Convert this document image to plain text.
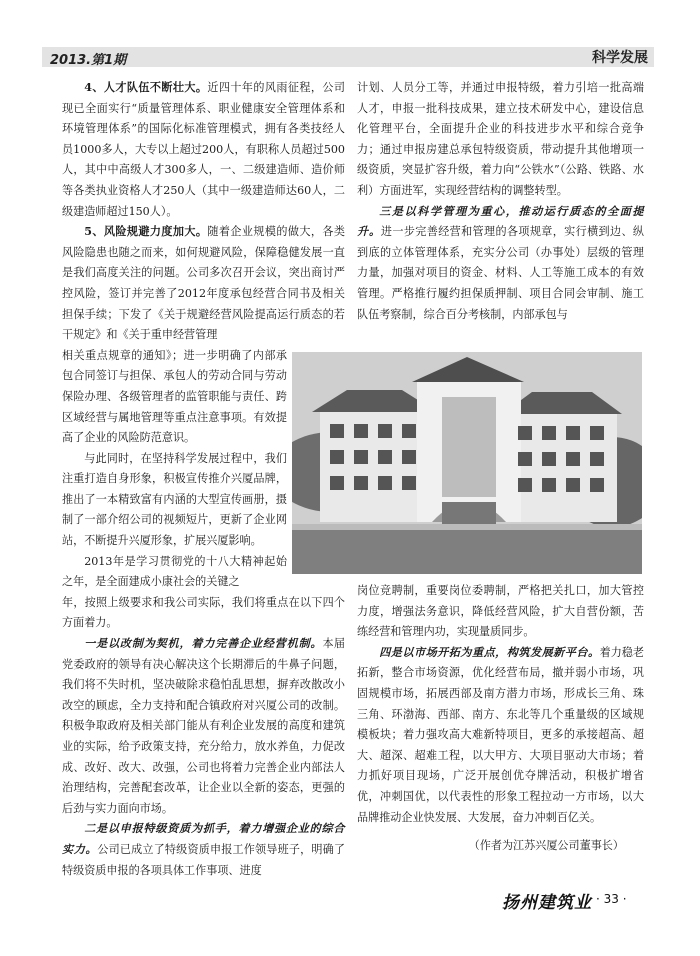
2013.第1期	科学发展

4、人才队伍不断壮大。近四十年的风雨征程，公司现已全面实行“质量管理体系、职业健康安全管理体系和环境管理体系”的国际化标准管理模式，拥有各类技经人员1000多人，大专以上超过200人，有职称人员超过500人，其中中高级人才300多人，一、二级建造师、造价师等各类执业资格人才250人（其中一级建造师达60人，二级建造师超过150人）。

5、风险规避力度加大。随着企业规模的做大，各类风险隐患也随之而来，如何规避风险，保障稳健发展一直是我们高度关注的问题。公司多次召开会议，突出商讨严控风险，签订并完善了2012年度承包经营合同书及相关担保手续；下发了《关于规避经营风险提高运行质态的若干规定》和《关于重申经营管理

相关重点规章的通知》；进一步明确了内部承包合同签订与担保、承包人的劳动合同与劳动保险办理、各级管理者的监管职能与责任、跨区域经营与属地管理等重点注意事项。有效提高了企业的风险防范意识。

与此同时，在坚持科学发展过程中，我们注重打造自身形象，积极宣传推介兴厦品牌，推出了一本精致富有内涵的大型宣传画册，摄制了一部介绍公司的视频短片，更新了企业网站，不断提升兴厦形象，扩展兴厦影响。

2013年是学习贯彻党的十八大精神起始之年，是全面建成小康社会的关键之

年，按照上级要求和我公司实际，我们将重点在以下四个方面着力。

一是以改制为契机，着力完善企业经营机制。本届党委政府的领导有决心解决这个长期滞后的牛鼻子问题，我们将不失时机，坚决破除求稳怕乱思想，摒弃改散改小改空的顾虑，全力支持和配合镇政府对兴厦公司的改制。积极争取政府及相关部门能从有利企业发展的高度和建筑业的实际，给予政策支持，充分给力，放水养鱼，力促改成、改好、改大、改强，公司也将着力完善企业内部法人治理结构，完善配套改革，让企业以全新的姿态，更强的后劲与实力面向市场。

二是以申报特级资质为抓手，着力增强企业的综合实力。公司已成立了特级资质申报工作领导班子，明确了特级资质申报的各项具体工作事项、进度

计划、人员分工等，并通过申报特级，着力引培一批高端人才，申报一批科技成果，建立技术研发中心，建设信息化管理平台，全面提升企业的科技进步水平和综合竞争力；通过申报房建总承包特级资质，带动提升其他增项一级资质，突显扩容升级，着力向“公铁水”（公路、铁路、水利）方面进军，实现经营结构的调整转型。

三是以科学管理为重心，推动运行质态的全面提升。进一步完善经营和管理的各项规章，实行横到边、纵到底的立体管理体系，充实分公司（办事处）层级的管理力量，加强对项目的资金、材料、人工等施工成本的有效管理。严格推行履约担保质押制、项目合同会审制、施工队伍考察制，综合百分考核制，内部承包与

岗位竞聘制，重要岗位委聘制，严格把关扎口，加大管控力度，增强法务意识，降低经营风险，扩大自营份额，苦练经营和管理内功，实现量质同步。

四是以市场开拓为重点，构筑发展新平台。着力稳老拓新，整合市场资源，优化经营布局，撤并弱小市场，巩固规模市场，拓展西部及南方潜力市场，形成长三角、珠三角、环渤海、西部、南方、东北等几个重量级的区域规模板块；着力强攻高大难新特项目，更多的承接超高、超大、超深、超难工程，以大甲方、大项目驱动大市场；着力抓好项目现场，广泛开展创优夺牌活动，积极扩增省优，冲刺国优，以代表性的形象工程拉动一方市场，以大品牌推动企业快发展、大发展，奋力冲刺百亿关。

（作者为江苏兴厦公司董事长）

扬州建筑业 · 33 ·
